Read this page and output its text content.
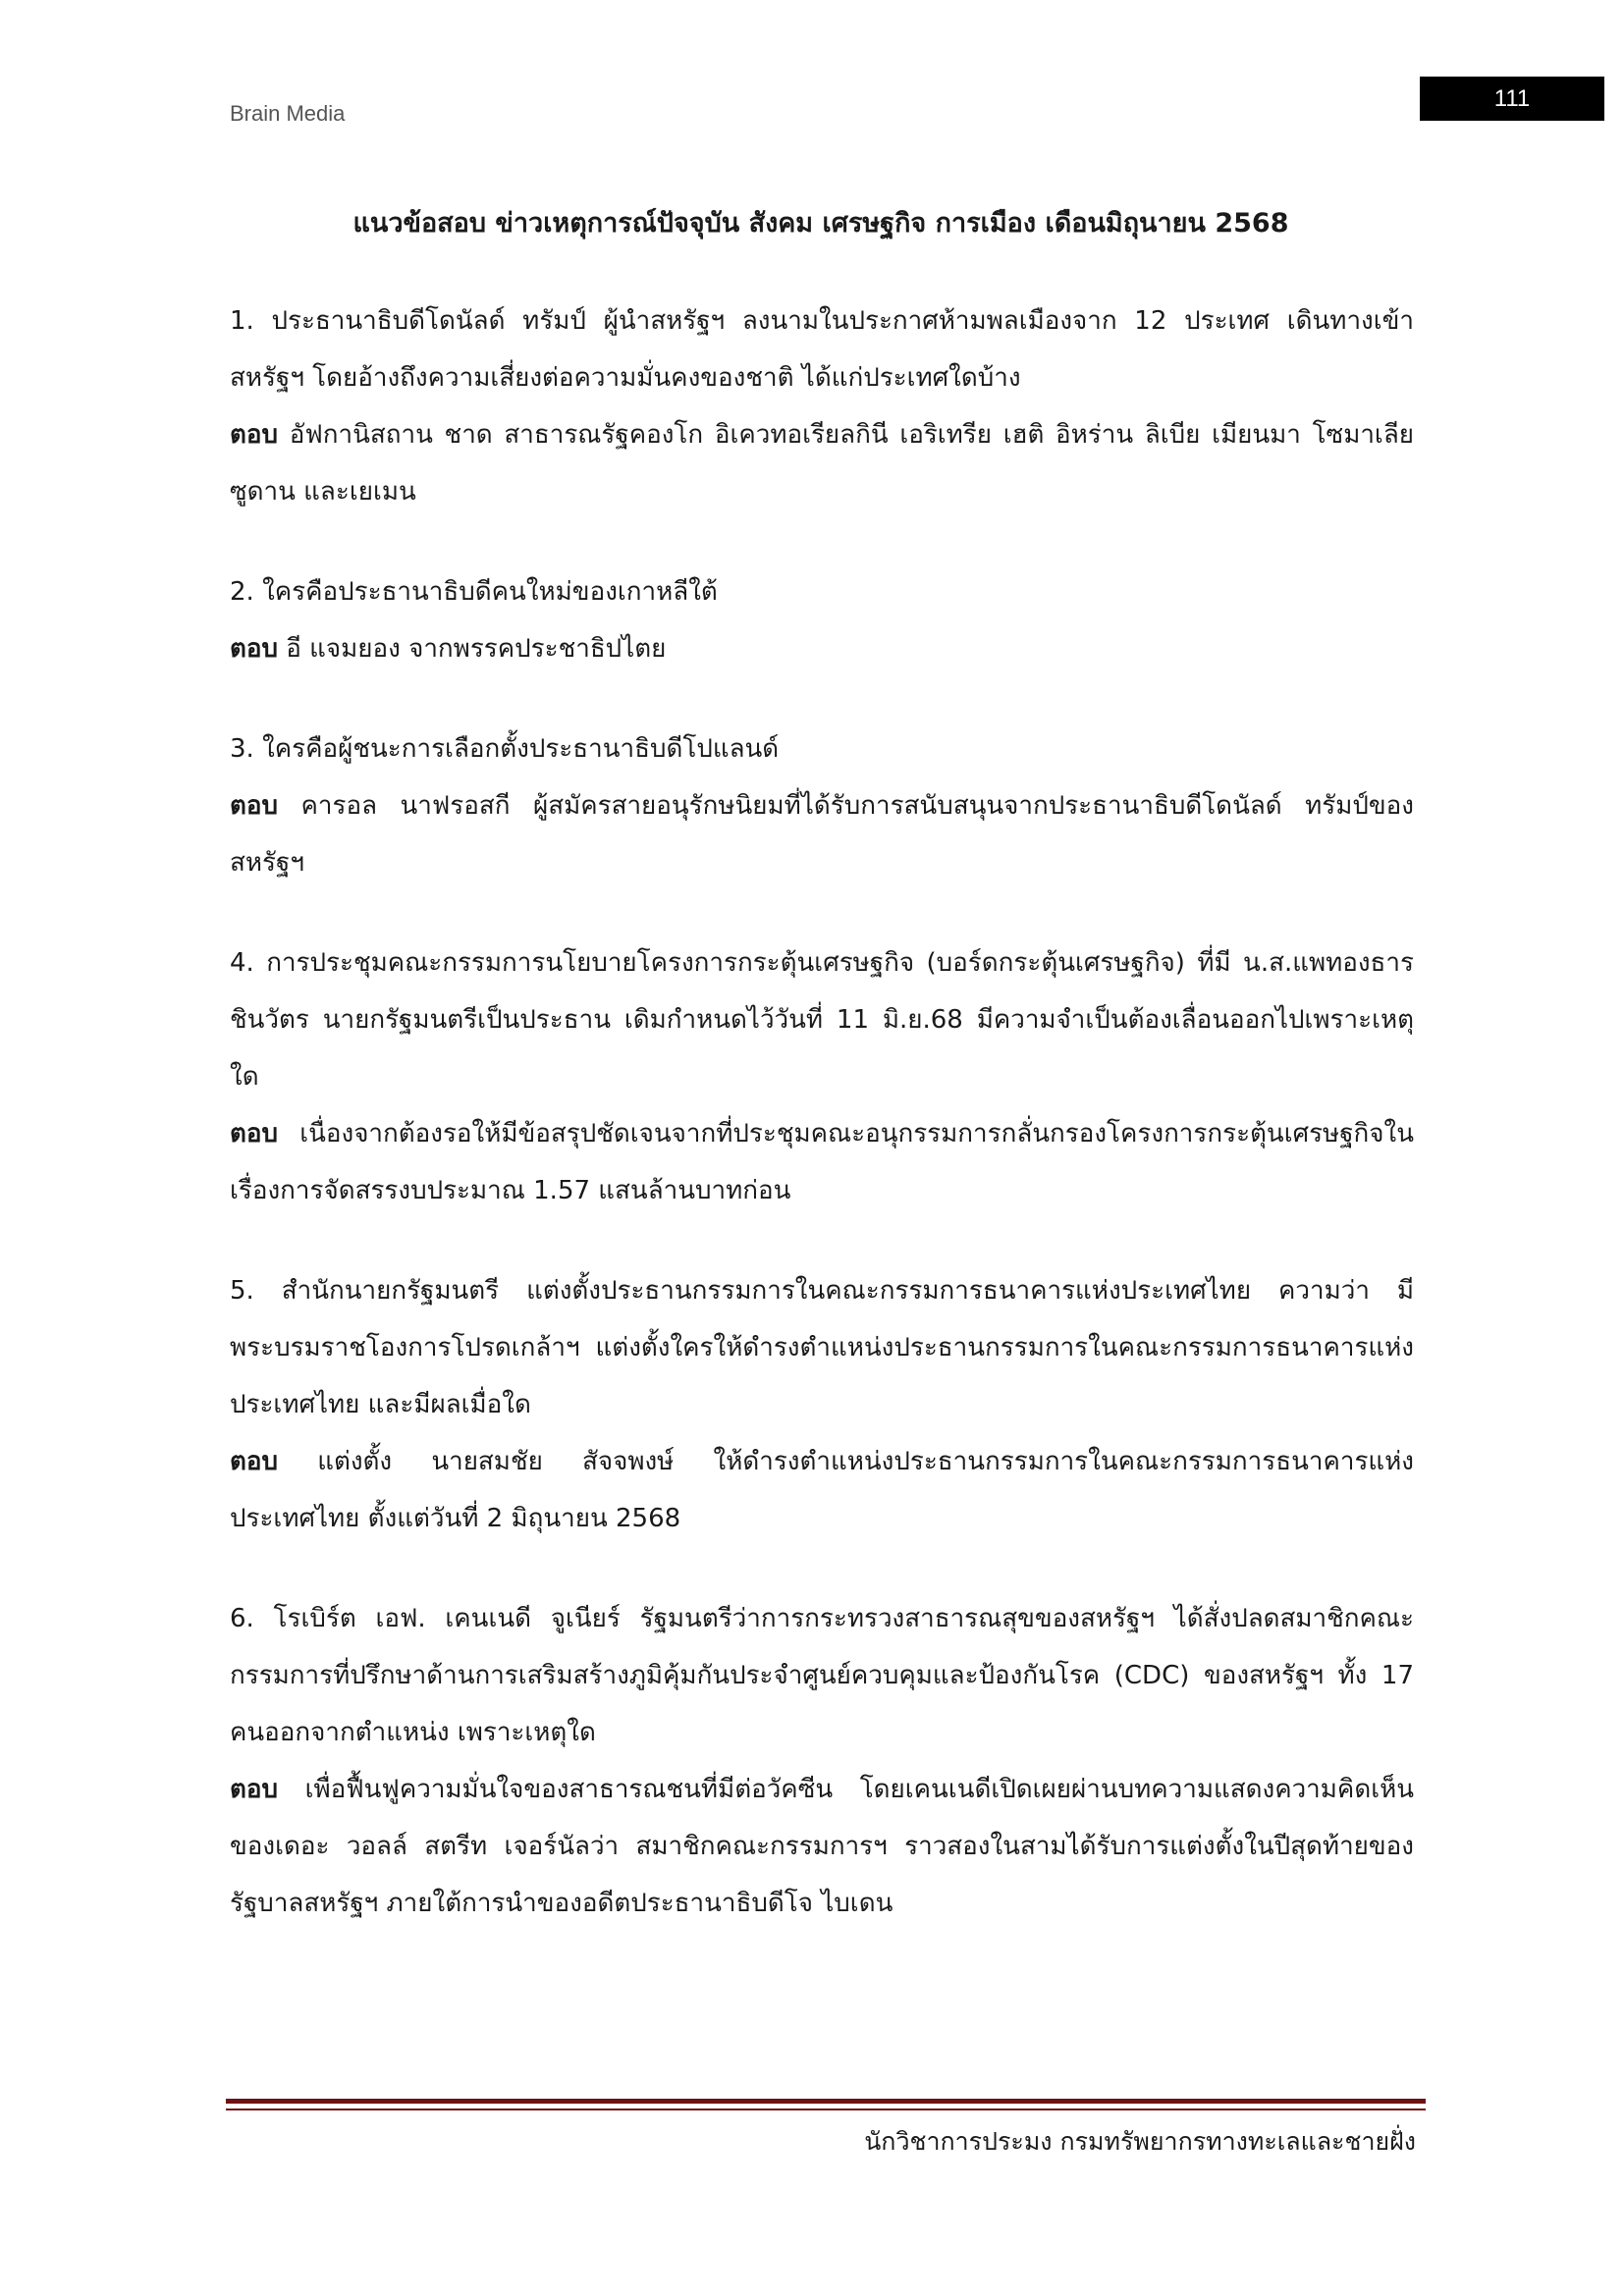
Brain Media
111
แนวข้อสอบ ข่าวเหตุการณ์ปัจจุบัน สังคม เศรษฐกิจ การเมือง เดือนมิถุนายน 2568

1. ประธานาธิบดีโดนัลด์ ทรัมป์ ผู้นำสหรัฐฯ ลงนามในประกาศห้ามพลเมืองจาก 12 ประเทศ เดินทางเข้าสหรัฐฯ โดยอ้างถึงความเสี่ยงต่อความมั่นคงของชาติ ได้แก่ประเทศใดบ้าง

ตอบ อัฟกานิสถาน ชาด สาธารณรัฐคองโก อิเควทอเรียลกินี เอริเทรีย เฮติ อิหร่าน ลิเบีย เมียนมา โซมาเลีย ซูดาน และเยเมน

2. ใครคือประธานาธิบดีคนใหม่ของเกาหลีใต้

ตอบ อี แจมยอง จากพรรคประชาธิปไตย

3. ใครคือผู้ชนะการเลือกตั้งประธานาธิบดีโปแลนด์

ตอบ คารอล นาฟรอสกี ผู้สมัครสายอนุรักษนิยมที่ได้รับการสนับสนุนจากประธานาธิบดีโดนัลด์ ทรัมป์ของสหรัฐฯ

4. การประชุมคณะกรรมการนโยบายโครงการกระตุ้นเศรษฐกิจ (บอร์ดกระตุ้นเศรษฐกิจ) ที่มี น.ส.แพทองธาร ชินวัตร นายกรัฐมนตรีเป็นประธาน เดิมกำหนดไว้วันที่ 11 มิ.ย.68 มีความจำเป็นต้องเลื่อนออกไปเพราะเหตุใด

ตอบ เนื่องจากต้องรอให้มีข้อสรุปชัดเจนจากที่ประชุมคณะอนุกรรมการกลั่นกรองโครงการกระตุ้นเศรษฐกิจในเรื่องการจัดสรรงบประมาณ 1.57 แสนล้านบาทก่อน

5. สำนักนายกรัฐมนตรี แต่งตั้งประธานกรรมการในคณะกรรมการธนาคารแห่งประเทศไทย ความว่า มีพระบรมราชโองการโปรดเกล้าฯ แต่งตั้งใครให้ดำรงตำแหน่งประธานกรรมการในคณะกรรมการธนาคารแห่งประเทศไทย และมีผลเมื่อใด

ตอบ แต่งตั้ง นายสมชัย สัจจพงษ์ ให้ดำรงตำแหน่งประธานกรรมการในคณะกรรมการธนาคารแห่งประเทศไทย ตั้งแต่วันที่ 2 มิถุนายน 2568

6. โรเบิร์ต เอฟ. เคนเนดี จูเนียร์ รัฐมนตรีว่าการกระทรวงสาธารณสุขของสหรัฐฯ ได้สั่งปลดสมาชิกคณะกรรมการที่ปรึกษาด้านการเสริมสร้างภูมิคุ้มกันประจำศูนย์ควบคุมและป้องกันโรค (CDC) ของสหรัฐฯ ทั้ง 17 คนออกจากตำแหน่ง เพราะเหตุใด

ตอบ เพื่อฟื้นฟูความมั่นใจของสาธารณชนที่มีต่อวัคซีน โดยเคนเนดีเปิดเผยผ่านบทความแสดงความคิดเห็นของเดอะ วอลล์ สตรีท เจอร์นัลว่า สมาชิกคณะกรรมการฯ ราวสองในสามได้รับการแต่งตั้งในปีสุดท้ายของรัฐบาลสหรัฐฯ ภายใต้การนำของอดีตประธานาธิบดีโจ ไบเดน

นักวิชาการประมง กรมทรัพยากรทางทะเลและชายฝั่ง
